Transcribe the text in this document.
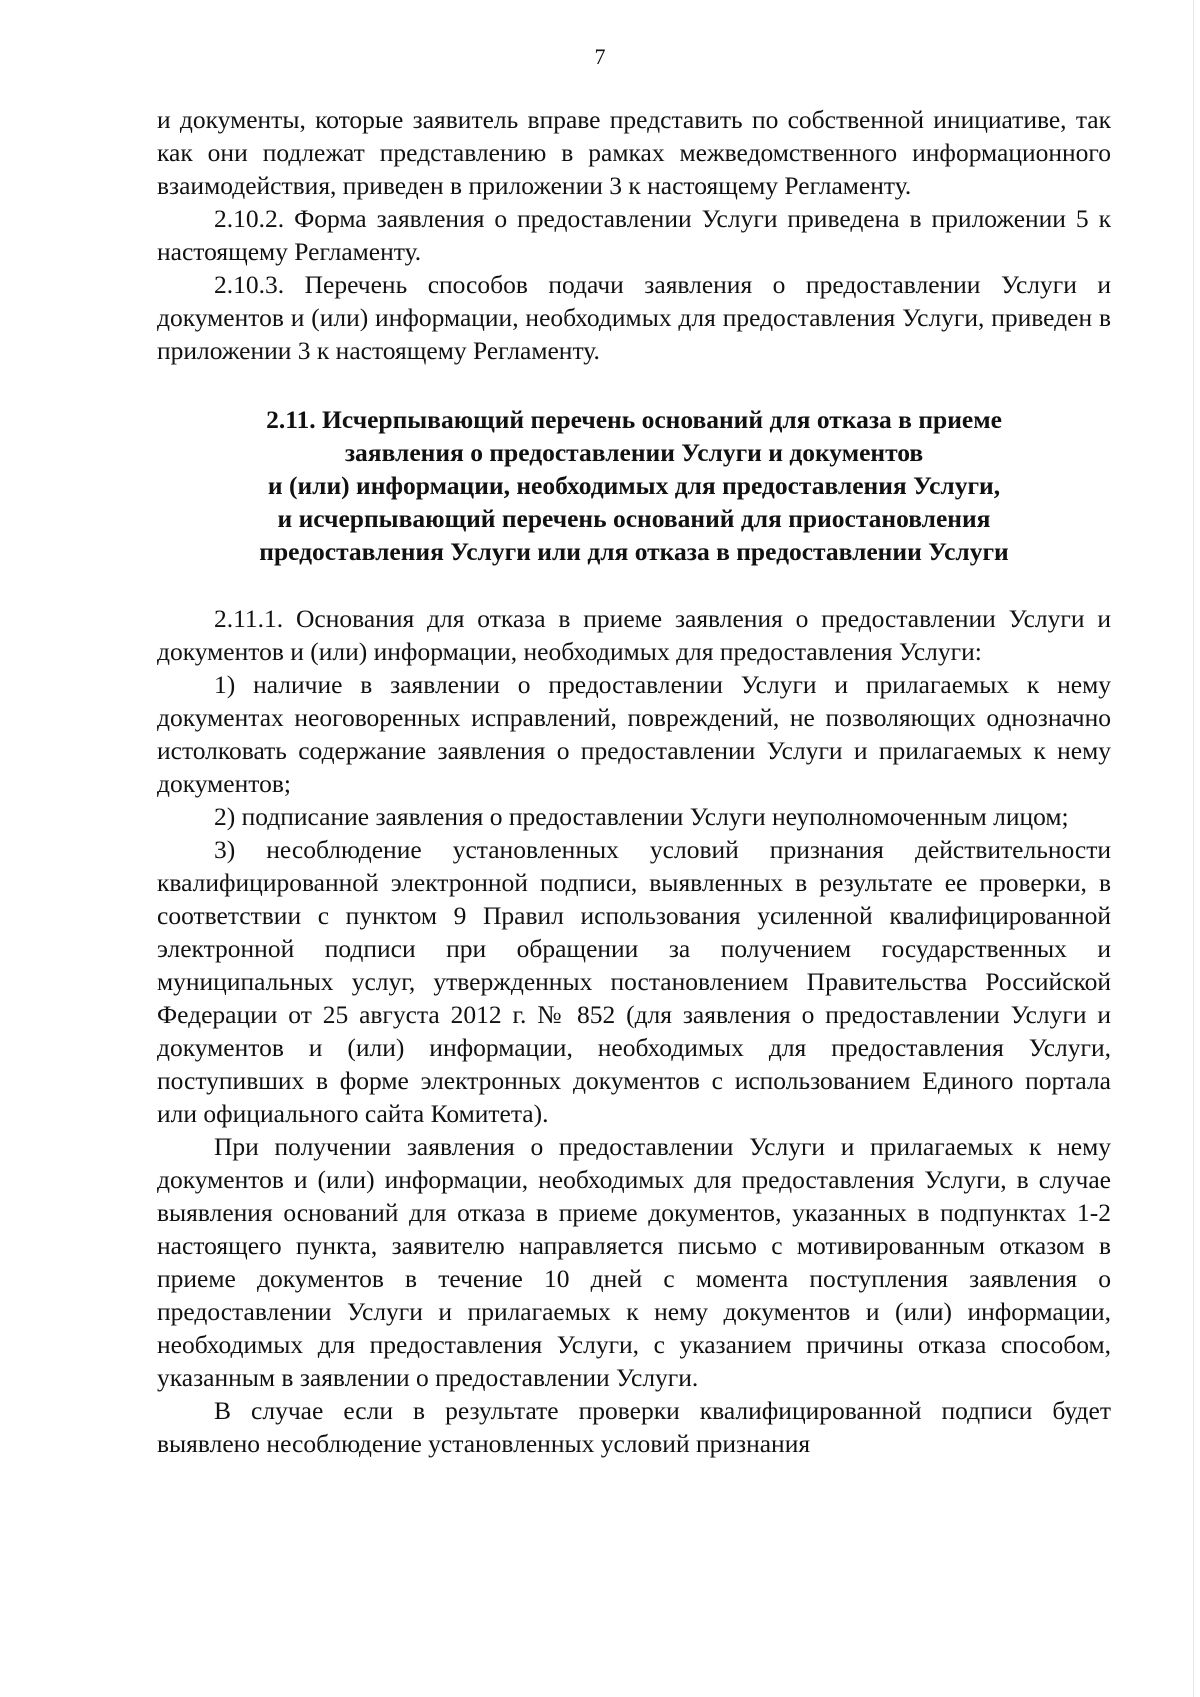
7

и документы, которые заявитель вправе представить по собственной инициативе, так как они подлежат представлению в рамках межведомственного информационного взаимодействия, приведен в приложении 3 к настоящему Регламенту.

2.10.2. Форма заявления о предоставлении Услуги приведена в приложении 5 к настоящему Регламенту.

2.10.3. Перечень способов подачи заявления о предоставлении Услуги и документов и (или) информации, необходимых для предоставления Услуги, приведен в приложении 3 к настоящему Регламенту.

2.11. Исчерпывающий перечень оснований для отказа в приеме
заявления о предоставлении Услуги и документов
и (или) информации, необходимых для предоставления Услуги,
и исчерпывающий перечень оснований для приостановления
предоставления Услуги или для отказа в предоставлении Услуги

2.11.1. Основания для отказа в приеме заявления о предоставлении Услуги и документов и (или) информации, необходимых для предоставления Услуги:

1) наличие в заявлении о предоставлении Услуги и прилагаемых к нему документах неоговоренных исправлений, повреждений, не позволяющих однозначно истолковать содержание заявления о предоставлении Услуги и прилагаемых к нему документов;

2) подписание заявления о предоставлении Услуги неуполномоченным лицом;

3) несоблюдение установленных условий признания действительности квалифицированной электронной подписи, выявленных в результате ее проверки, в соответствии с пунктом 9 Правил использования усиленной квалифицированной электронной подписи при обращении за получением государственных и муниципальных услуг, утвержденных постановлением Правительства Российской Федерации от 25 августа 2012 г. № 852 (для заявления о предоставлении Услуги и документов и (или) информации, необходимых для предоставления Услуги, поступивших в форме электронных документов с использованием Единого портала или официального сайта Комитета).

При получении заявления о предоставлении Услуги и прилагаемых к нему документов и (или) информации, необходимых для предоставления Услуги, в случае выявления оснований для отказа в приеме документов, указанных в подпунктах 1-2 настоящего пункта, заявителю направляется письмо с мотивированным отказом в приеме документов в течение 10 дней с момента поступления заявления о предоставлении Услуги и прилагаемых к нему документов и (или) информации, необходимых для предоставления Услуги, с указанием причины отказа способом, указанным в заявлении о предоставлении Услуги.

В случае если в результате проверки квалифицированной подписи будет выявлено несоблюдение установленных условий признания
